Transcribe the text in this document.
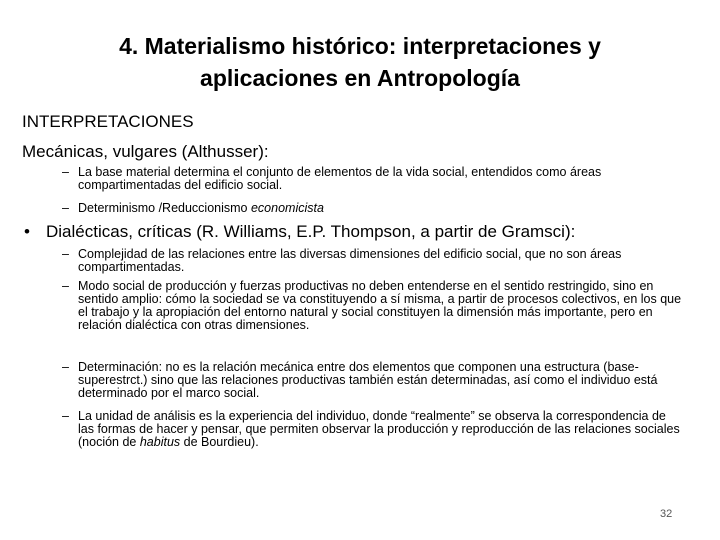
4. Materialismo histórico: interpretaciones y aplicaciones en Antropología
INTERPRETACIONES
Mecánicas, vulgares (Althusser):
– La base material determina el conjunto de elementos de la vida social, entendidos como áreas compartimentadas del edificio social.
– Determinismo /Reduccionismo economicista
• Dialécticas, críticas (R. Williams, E.P. Thompson, a partir de Gramsci):
– Complejidad de las relaciones entre las diversas dimensiones del edificio social, que no son áreas compartimentadas.
– Modo social de producción y fuerzas productivas no deben entenderse en el sentido restringido, sino en sentido amplio: cómo la sociedad se va constituyendo a sí misma, a partir de procesos colectivos, en los que el trabajo y la apropiación del entorno natural y social constituyen la dimensión más importante, pero en relación dialéctica con otras dimensiones.
– Determinación: no es la relación mecánica entre dos elementos que componen una estructura (base-superestrct.) sino que las relaciones productivas también están determinadas, así como el individuo está determinado por el marco social.
– La unidad de análisis es la experiencia del individuo, donde “realmente” se observa la correspondencia de las formas de hacer y pensar, que permiten observar la producción y reproducción de las relaciones sociales (noción de habitus de Bourdieu).
32
